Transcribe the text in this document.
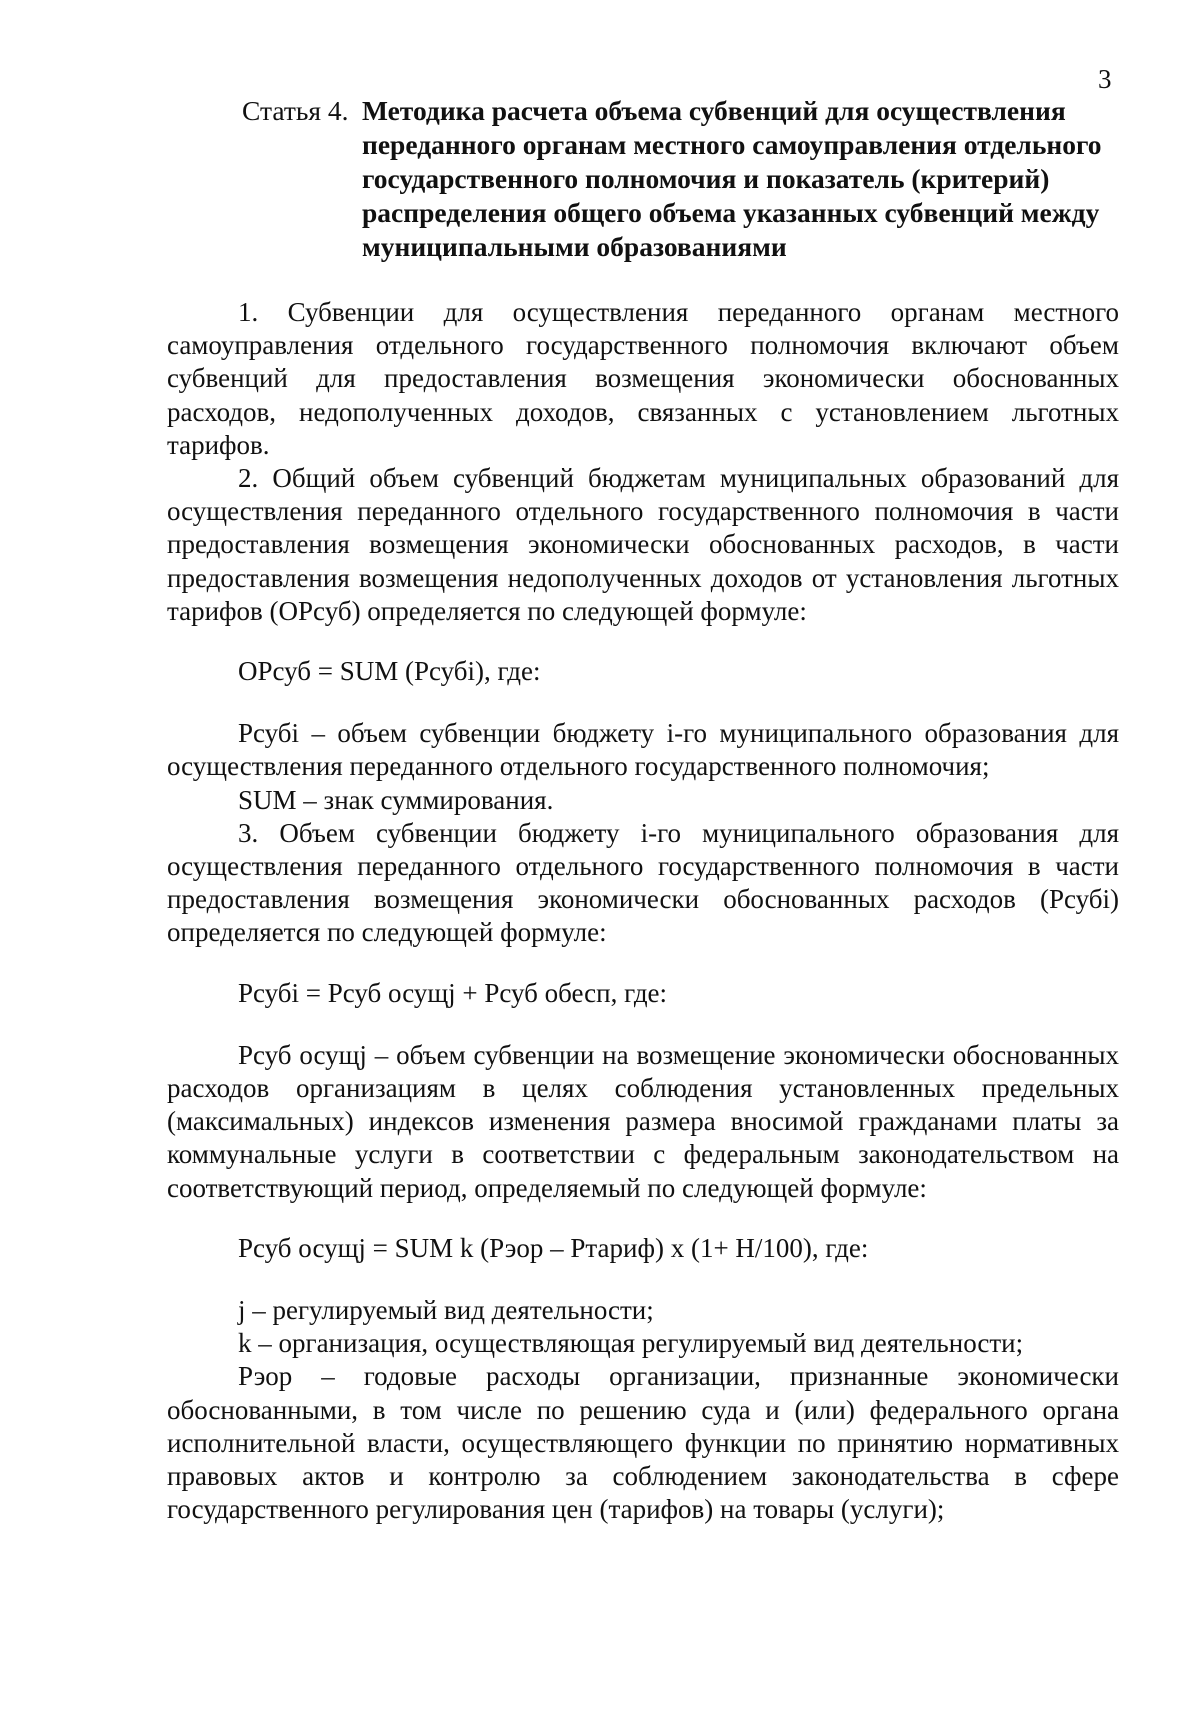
3
Статья 4. Методика расчета объема субвенций для осуществления переданного органам местного самоуправления отдельного государственного полномочия и показатель (критерий) распределения общего объема указанных субвенций между муниципальными образованиями

1. Субвенции для осуществления переданного органам местного самоуправления отдельного государственного полномочия включают объем субвенций для предоставления возмещения экономически обоснованных расходов, недополученных доходов, связанных с установлением льготных тарифов.

2. Общий объем субвенций бюджетам муниципальных образований для осуществления переданного отдельного государственного полномочия в части предоставления возмещения экономически обоснованных расходов, в части предоставления возмещения недополученных доходов от установления льготных тарифов (ОРсуб) определяется по следующей формуле:

ОРсуб = SUM (Рсубi), где:

Рсубi – объем субвенции бюджету i-го муниципального образования для осуществления переданного отдельного государственного полномочия;

SUM – знак суммирования.

3. Объем субвенции бюджету i-го муниципального образования для осуществления переданного отдельного государственного полномочия в части предоставления возмещения экономически обоснованных расходов (Рсубi) определяется по следующей формуле:

Рсубi = Рсуб осущj + Рсуб обесп, где:

Рсуб осущj – объем субвенции на возмещение экономически обоснованных расходов организациям в целях соблюдения установленных предельных (максимальных) индексов изменения размера вносимой гражданами платы за коммунальные услуги в соответствии с федеральным законодательством на соответствующий период, определяемый по следующей формуле:

Рсуб осущj = SUM k (Рэор – Ртариф) x (1+ Н/100), где:

j – регулируемый вид деятельности;

k – организация, осуществляющая регулируемый вид деятельности;

Рэор – годовые расходы организации, признанные экономически обоснованными, в том числе по решению суда и (или) федерального органа исполнительной власти, осуществляющего функции по принятию нормативных правовых актов и контролю за соблюдением законодательства в сфере государственного регулирования цен (тарифов) на товары (услуги);
